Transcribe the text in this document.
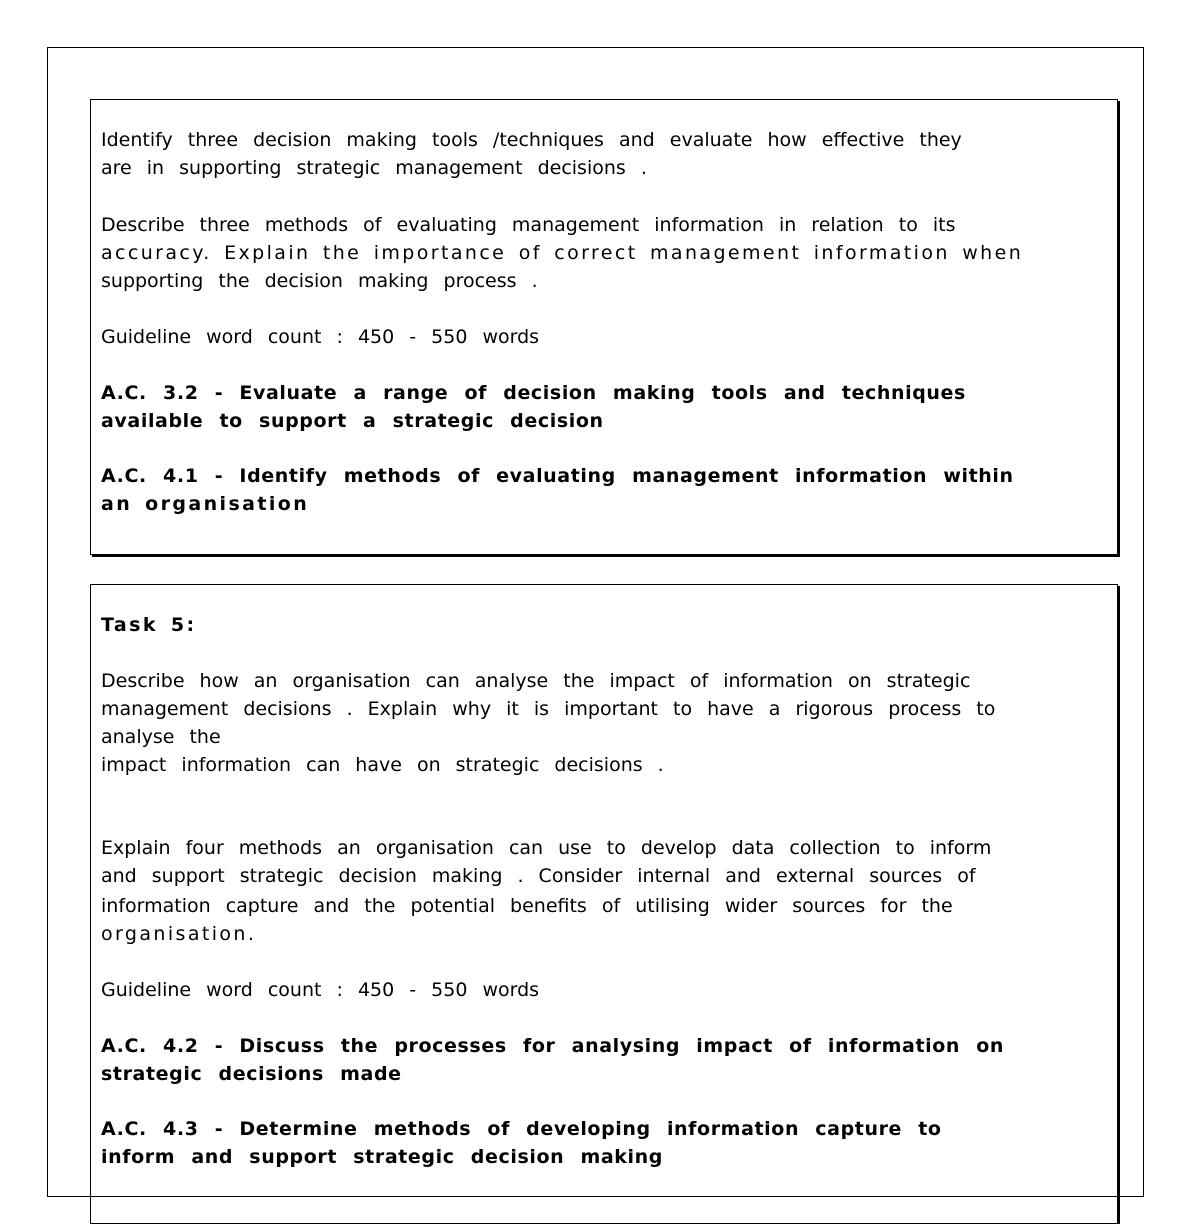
Identify three decision making tools /techniques and evaluate how effective they
are in supporting strategic management decisions .
Describe three methods of evaluating management information in relation to its
accuracy. Explain the importance of correct management information when
supporting the decision making process .
Guideline word count : 450 - 550 words
A.C. 3.2 - Evaluate a range of decision making tools and techniques
available to support a strategic decision
A.C. 4.1 - Identify methods of evaluating management information within
an organisation
Task 5:
Describe how an organisation can analyse the impact of information on strategic
management decisions . Explain why it is important to have a rigorous process to
analyse the
impact information can have on strategic decisions .
Explain four methods an organisation can use to develop data collection to inform
and support strategic decision making . Consider internal and external sources of
information capture and the potential benefits of utilising wider sources for the
organisation.
Guideline word count : 450 - 550 words
A.C. 4.2 - Discuss the processes for analysing impact of information on
strategic decisions made
A.C. 4.3 - Determine methods of developing information capture to
inform and support strategic decision making
